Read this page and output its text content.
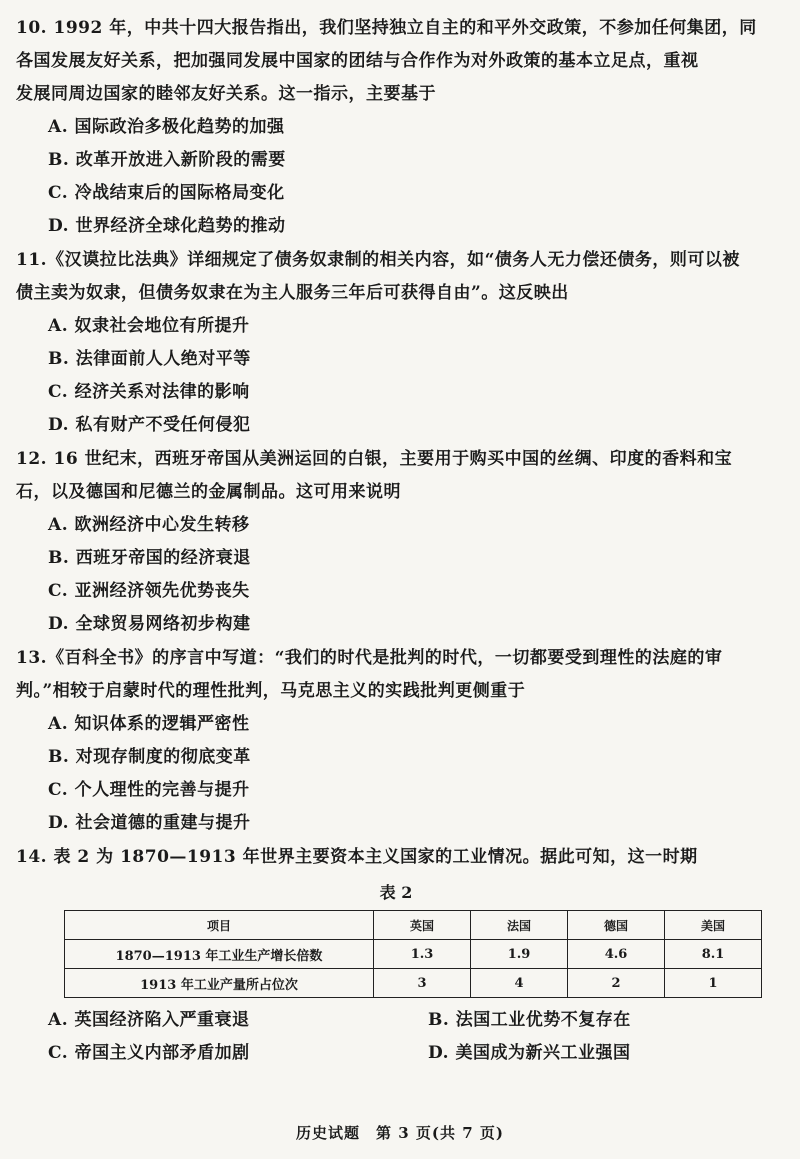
10. 1992 年，中共十四大报告指出，我们坚持独立自主的和平外交政策，不参加任何集团，同
各国发展友好关系，把加强同发展中国家的团结与合作作为对外政策的基本立足点，重视
发展同周边国家的睦邻友好关系。这一指示，主要基于
A. 国际政治多极化趋势的加强
B. 改革开放进入新阶段的需要
C. 冷战结束后的国际格局变化
D. 世界经济全球化趋势的推动
11.《汉谟拉比法典》详细规定了债务奴隶制的相关内容，如“债务人无力偿还债务，则可以被
债主卖为奴隶，但债务奴隶在为主人服务三年后可获得自由”。这反映出
A. 奴隶社会地位有所提升
B. 法律面前人人绝对平等
C. 经济关系对法律的影响
D. 私有财产不受任何侵犯
12. 16 世纪末，西班牙帝国从美洲运回的白银，主要用于购买中国的丝绸、印度的香料和宝
石，以及德国和尼德兰的金属制品。这可用来说明
A. 欧洲经济中心发生转移
B. 西班牙帝国的经济衰退
C. 亚洲经济领先优势丧失
D. 全球贸易网络初步构建
13.《百科全书》的序言中写道：“我们的时代是批判的时代，一切都要受到理性的法庭的审
判。”相较于启蒙时代的理性批判，马克思主义的实践批判更侧重于
A. 知识体系的逻辑严密性
B. 对现存制度的彻底变革
C. 个人理性的完善与提升
D. 社会道德的重建与提升
14. 表 2 为 1870—1913 年世界主要资本主义国家的工业情况。据此可知，这一时期
表 2
项目	英国	法国	德国	美国
1870—1913 年工业生产增长倍数	1.3	1.9	4.6	8.1
1913 年工业产量所占位次	3	4	2	1
A. 英国经济陷入严重衰退	B. 法国工业优势不复存在
C. 帝国主义内部矛盾加剧	D. 美国成为新兴工业强国
历史试题　第 3 页(共 7 页)
